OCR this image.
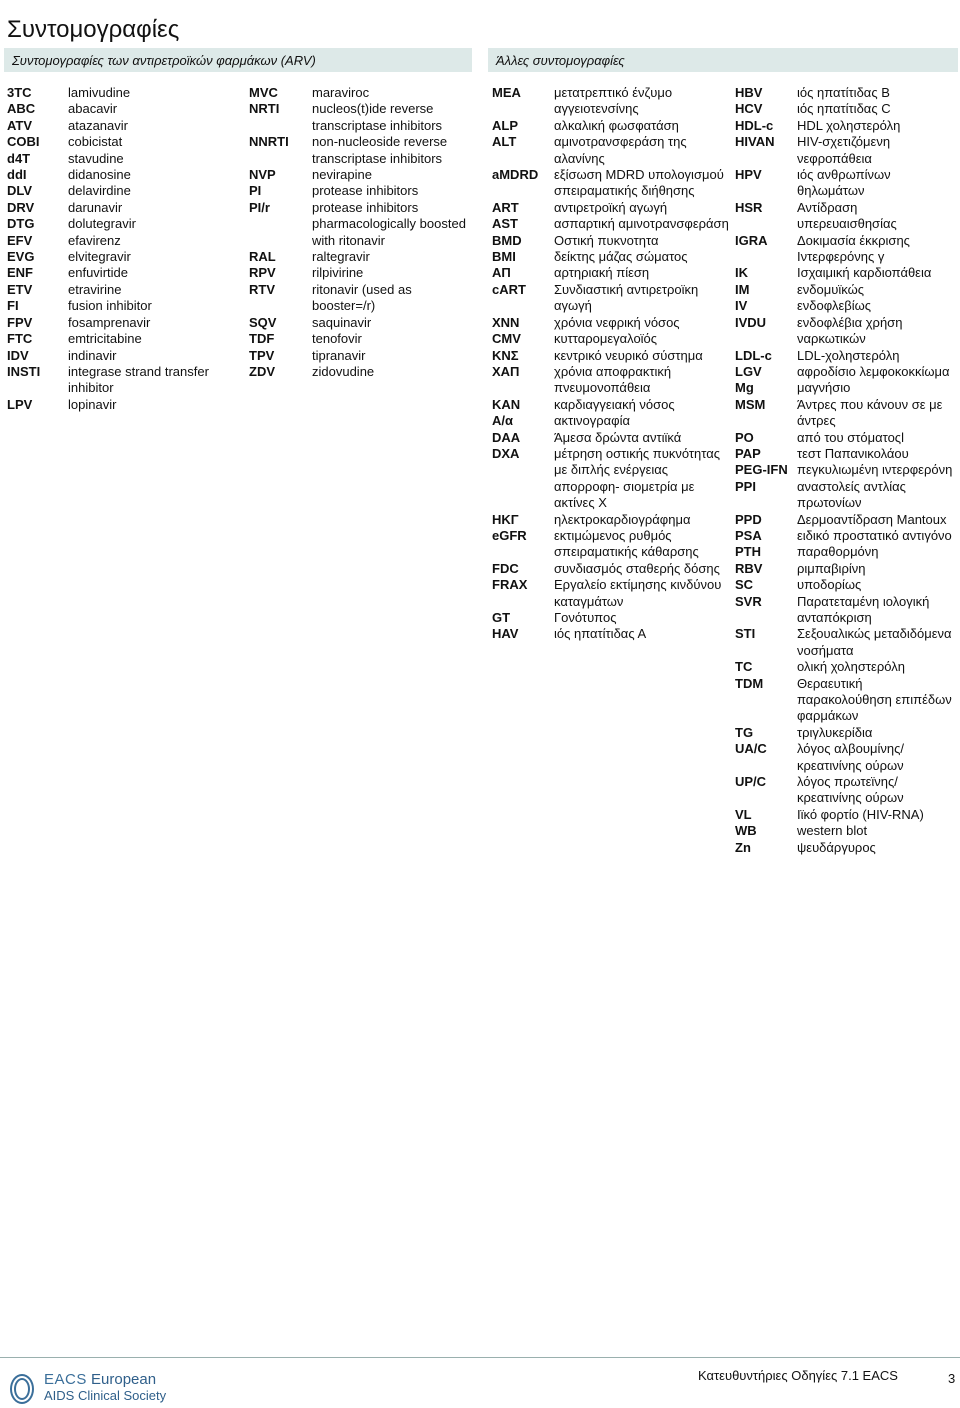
Συντομογραφίες
Συντομογραφίες των αντιρετροϊκών φαρμάκων (ARV)	Άλλες συντομογραφίες
3TC	lamivudine
ABC	abacavir
ATV	atazanavir
COBI cobicistat
d4T	stavudine
ddI	didanosine
DLV	delavirdine
DRV	darunavir
DTG	dolutegravir
EFV	efavirenz
EVG	elvitegravir
ENF	enfuvirtide
ETV	etravirine
FI	fusion inhibitor
FPV	fosamprenavir
FTC	emtricitabine
IDV	indinavir
INSTI integrase strand transfer inhibitor
LPV	lopinavir
MVC	maraviroc
NRTI	nucleos(t)ide reverse transcriptase inhibitors
NNRTI non-nucleoside reverse transcriptase inhibitors
NVP	nevirapine
PI	protease inhibitors
PI/r	protease inhibitors pharmacologically boosted with ritonavir
RAL	raltegravir
RPV	rilpivirine
RTV	ritonavir (used as booster=/r)
SQV	saquinavir
TDF	tenofovir
TPV	tipranavir
ZDV	zidovudine
ΜΕΑ	μετατρεπτικό ένζυμο αγγειοτενσίνης
ALP	αλκαλική φωσφατάση
ALT	αμινοτρανσφεράση της αλανίνης
aMDRD εξίσωση MDRD υπολογισμού σπειραματικής διήθησης
ART	αντιρετροϊκή αγωγή
AST	ασπαρτική αμινοτρανσφεράση
BMD Οστική πυκνοτητα
BMI	δείκτης μάζας σώματος
ΑΠ	αρτηριακή πίεση
cART Συνδιαστική αντιρετροϊκη αγωγή
ΧΝΝ	χρόνια νεφρική νόσος
CMV	κυτταρομεγαλοϊός
ΚΝΣ	κεντρικό νευρικό σύστημα
ΧΑΠ	χρόνια αποφρακτική πνευμονοπάθεια
ΚΑΝ	καρδιαγγειακή νόσος
Α/α	ακτινογραφία
DAA	Άμεσα δρώντα αντιϊκά
DXA	μέτρηση οστικής πυκνότητας με διπλής ενέργειας απορροφη- σιομετρία με ακτίνες Χ
ΗΚΓ	ηλεκτροκαρδιογράφημα
eGFR εκτιμώμενος ρυθμός σπειραματικής κάθαρσης
FDC	συνδιασμός σταθερής δόσης
FRAX Εργαλείο εκτίμησης κινδύνου καταγμάτων
GT	Γονότυπος
HAV	ιός ηπατίτιδας Α
HBV	ιός ηπατίτιδας Β
HCV	ιός ηπατίτιδας C
HDL-c HDL χοληστερόλη
HIVAN HIV-σχετιζόμενη νεφροπάθεια
HPV	ιός ανθρωπίνων θηλωμάτων
HSR	Αντίδραση υπερευαισθησίας
IGRA Δοκιμασία έκκρισης Ιντερφερόνης γ
IK	Ισχαιμική καρδιοπάθεια
IM	ενδομυϊκώς
IV	ενδοφλεβίως
IVDU ενδοφλέβια χρήση ναρκωτικών
LDL-c LDL-χοληστερόλη
LGV	αφροδίσιο λεμφοκοκκίωμα
Mg	μαγνήσιο
MSM Άντρες που κάνουν σε με άντρες
PO	από του στόματοςl
PAP	τεστ Παπανικολάου
PEG-IFN πεγκυλιωμένη ιντερφερόνη
PPI	αναστολείς αντλίας πρωτονίων
PPD	Δερμοαντίδραση Mantoux
PSA	ειδικό προστατικό αντιγόνο
PTH	παραθορμόνη
RBV	ριμπαβιρίνη
SC	υποδορίως
SVR	Παρατεταμένη ιολογική ανταπόκριση
STI	Σεξουαλικώς μεταδιδόμενα νοσήματα
TC	ολική χοληστερόλη
TDM	Θεραευτική παρακολούθηση επιπέδων φαρμάκων
TG	τριγλυκερίδια
UA/C λόγος αλβουμίνης/ κρεατινίνης ούρων
UP/C λόγος πρωτεϊνης/ κρεατινίνης ούρων
VL	Ιϊκό φορτίο (HIV-RNA)
WB	western blot
Zn	ψευδάργυρος
EACS European
AIDS Clinical Society
Κατευθυντήριες Οδηγίες 7.1 EACS	3
